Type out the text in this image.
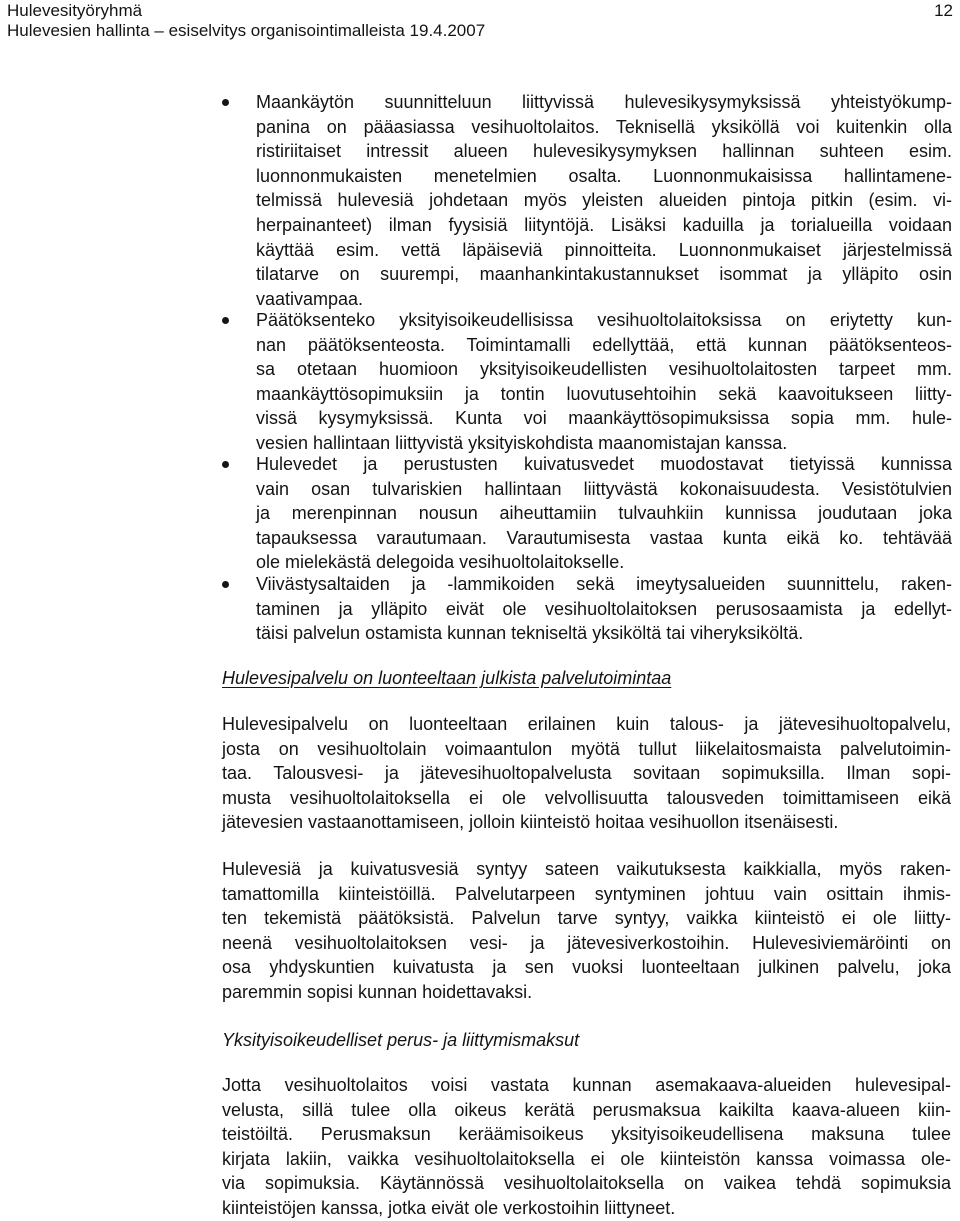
Hulevesityöryhmä
Hulevesien hallinta – esiselvitys organisointimalleista 19.4.2007
12
Maankäytön suunnitteluun liittyvissä hulevesikysymyksissä yhteistyökump-
panina on pääasiassa vesihuoltolaitos. Teknisellä yksiköllä voi kuitenkin olla
ristiriitaiset intressit alueen hulevesikysymyksen hallinnan suhteen esim.
luonnonmukaisten menetelmien osalta. Luonnonmukaisissa hallintamene-
telmissä hulevesiä johdetaan myös yleisten alueiden pintoja pitkin (esim. vi-
herpainanteet) ilman fyysisiä liityntöjä. Lisäksi kaduilla ja torialueilla voidaan
käyttää esim. vettä läpäiseviä pinnoitteita. Luonnonmukaiset järjestelmissä
tilatarve on suurempi, maanhankintakustannukset isommat ja ylläpito osin
vaativampaa.
Päätöksenteko yksityisoikeudellisissa vesihuoltolaitoksissa on eriytetty kun-
nan päätöksenteosta. Toimintamalli edellyttää, että kunnan päätöksenteos-
sa otetaan huomioon yksityisoikeudellisten vesihuoltolaitosten tarpeet mm.
maankäyttösopimuksiin ja tontin luovutusehtoihin sekä kaavoitukseen liitty-
vissä kysymyksissä. Kunta voi maankäyttösopimuksissa sopia mm. hule-
vesien hallintaan liittyvistä yksityiskohdista maanomistajan kanssa.
Hulevedet ja perustusten kuivatusvedet muodostavat tietyissä kunnissa
vain osan tulvariskien hallintaan liittyvästä kokonaisuudesta. Vesistötulvien
ja merenpinnan nousun aiheuttamiin tulvauhkiin kunnissa joudutaan joka
tapauksessa varautumaan. Varautumisesta vastaa kunta eikä ko. tehtävää
ole mielekästä delegoida vesihuoltolaitokselle.
Viivästysaltaiden ja -lammikoiden sekä imeytysalueiden suunnittelu, raken-
taminen ja ylläpito eivät ole vesihuoltolaitoksen perusosaamista ja edellyt-
täisi palvelun ostamista kunnan tekniseltä yksiköltä tai viheryksiköltä.
Hulevesipalvelu on luonteeltaan julkista palvelutoimintaa
Hulevesipalvelu on luonteeltaan erilainen kuin talous- ja jätevesihuoltopalvelu,
josta on vesihuoltolain voimaantulon myötä tullut liikelaitosmaista palvelutoimin-
taa. Talousvesi- ja jätevesihuoltopalvelusta sovitaan sopimuksilla. Ilman sopi-
musta vesihuoltolaitoksella ei ole velvollisuutta talousveden toimittamiseen eikä
jätevesien vastaanottamiseen, jolloin kiinteistö hoitaa vesihuollon itsenäisesti.
Hulevesiä ja kuivatusvesiä syntyy sateen vaikutuksesta kaikkialla, myös raken-
tamattomilla kiinteistöillä. Palvelutarpeen syntyminen johtuu vain osittain ihmis-
ten tekemistä päätöksistä. Palvelun tarve syntyy, vaikka kiinteistö ei ole liitty-
neenä vesihuoltolaitoksen vesi- ja jätevesiverkostoihin. Hulevesiviemäröinti on
osa yhdyskuntien kuivatusta ja sen vuoksi luonteeltaan julkinen palvelu, joka
paremmin sopisi kunnan hoidettavaksi.
Yksityisoikeudelliset perus- ja liittymismaksut
Jotta vesihuoltolaitos voisi vastata kunnan asemakaava-alueiden hulevesipal-
velusta, sillä tulee olla oikeus kerätä perusmaksua kaikilta kaava-alueen kiin-
teistöiltä. Perusmaksun keräämisoikeus yksityisoikeudellisena maksuna tulee
kirjata lakiin, vaikka vesihuoltolaitoksella ei ole kiinteistön kanssa voimassa ole-
via sopimuksia. Käytännössä vesihuoltolaitoksella on vaikea tehdä sopimuksia
kiinteistöjen kanssa, jotka eivät ole verkostoihin liittyneet.
